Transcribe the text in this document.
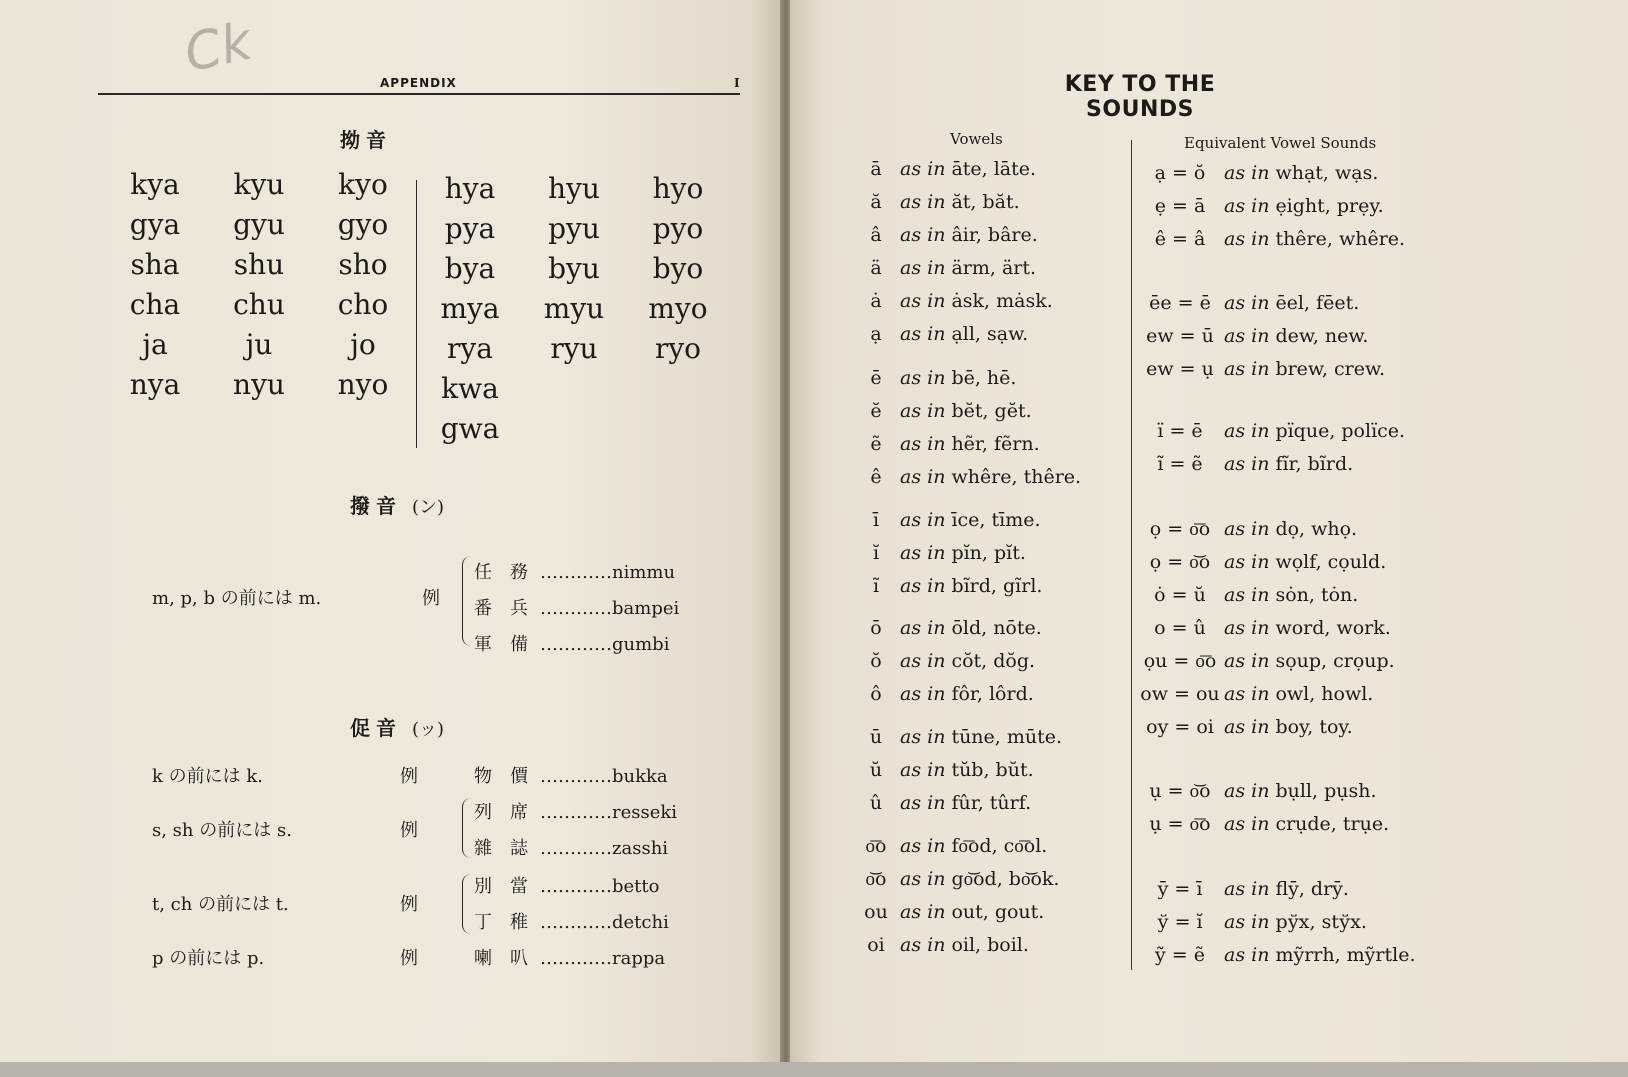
Ck	APPENDIX	I
拗音
kya	kyu	kyo
gya	gyu	gyo
sha	shu	sho
cha	chu	cho
ja	ju	jo
nya	nyu	nyo
hya	hyu	hyo
pya	pyu	pyo
bya	byu	byo
mya	myu	myo
rya	ryu	ryo
kwa
gwa
撥音 (ン)
m, p, b の前には m.	例
任　務 …………nimmu
番　兵 …………bampei
軍　備 …………gumbi
促音 (ッ)
k の前には k.	例	物　價 …………bukka
s, sh の前には s.	例
列　席 …………resseki
雜　誌 …………zasshi
t, ch の前には t.	例
別　當 …………betto
丁　稚 …………detchi
p の前には p.	例	喇　叭 …………rappa
KEY TO THE SOUNDS
Vowels	Equivalent Vowel Sounds
ā as in āte, lāte.
ă as in ăt, băt.
â as in âir, bâre.
ä as in ärm, ärt.
ȧ as in ȧsk, mȧsk.
ạ as in ạll, sạw.
ē as in bē, hē.
ĕ as in bĕt, gĕt.
ẽ as in hẽr, fẽrn.
ê as in whêre, thêre.
ī as in īce, tīme.
ĭ as in pĭn, pĭt.
ĩ as in bĩrd, gĩrl.
ō as in ōld, nōte.
ŏ as in cŏt, dŏg.
ô as in fôr, lôrd.
ū as in tūne, mūte.
ŭ as in tŭb, bŭt.
û as in fûr, tûrf.
o͞o as in fo͞od, co͞ol.
o͝o as in go͝od, bo͝ok.
ou as in out, gout.
oi as in oil, boil.
ạ = ŏ as in whạt, wạs.
ẹ = ā as in ẹight, prẹy.
ê = â as in thêre, whêre.
ēe = ē as in ēel, fēet.
ew = ū as in dew, new.
ew = ụ as in brew, crew.
ï = ē as in pïque, polïce.
ĩ = ẽ as in fĩr, bĩrd.
ọ = o͞o as in dọ, whọ.
ọ = o͝o as in wọlf, cọuld.
ȯ = ŭ as in sȯn, tȯn.
o = û as in word, work.
ọu = o͞o as in sọup, crọup.
ow = ou as in owl, howl.
oy = oi as in boy, toy.
ụ = o͝o as in bụll, pụsh.
ụ = o͞o as in crụde, trụe.
ȳ = ī as in flȳ, drȳ.
ў = ĭ as in pўx, stўx.
ỹ = ẽ as in mỹrrh, mỹrtle.
